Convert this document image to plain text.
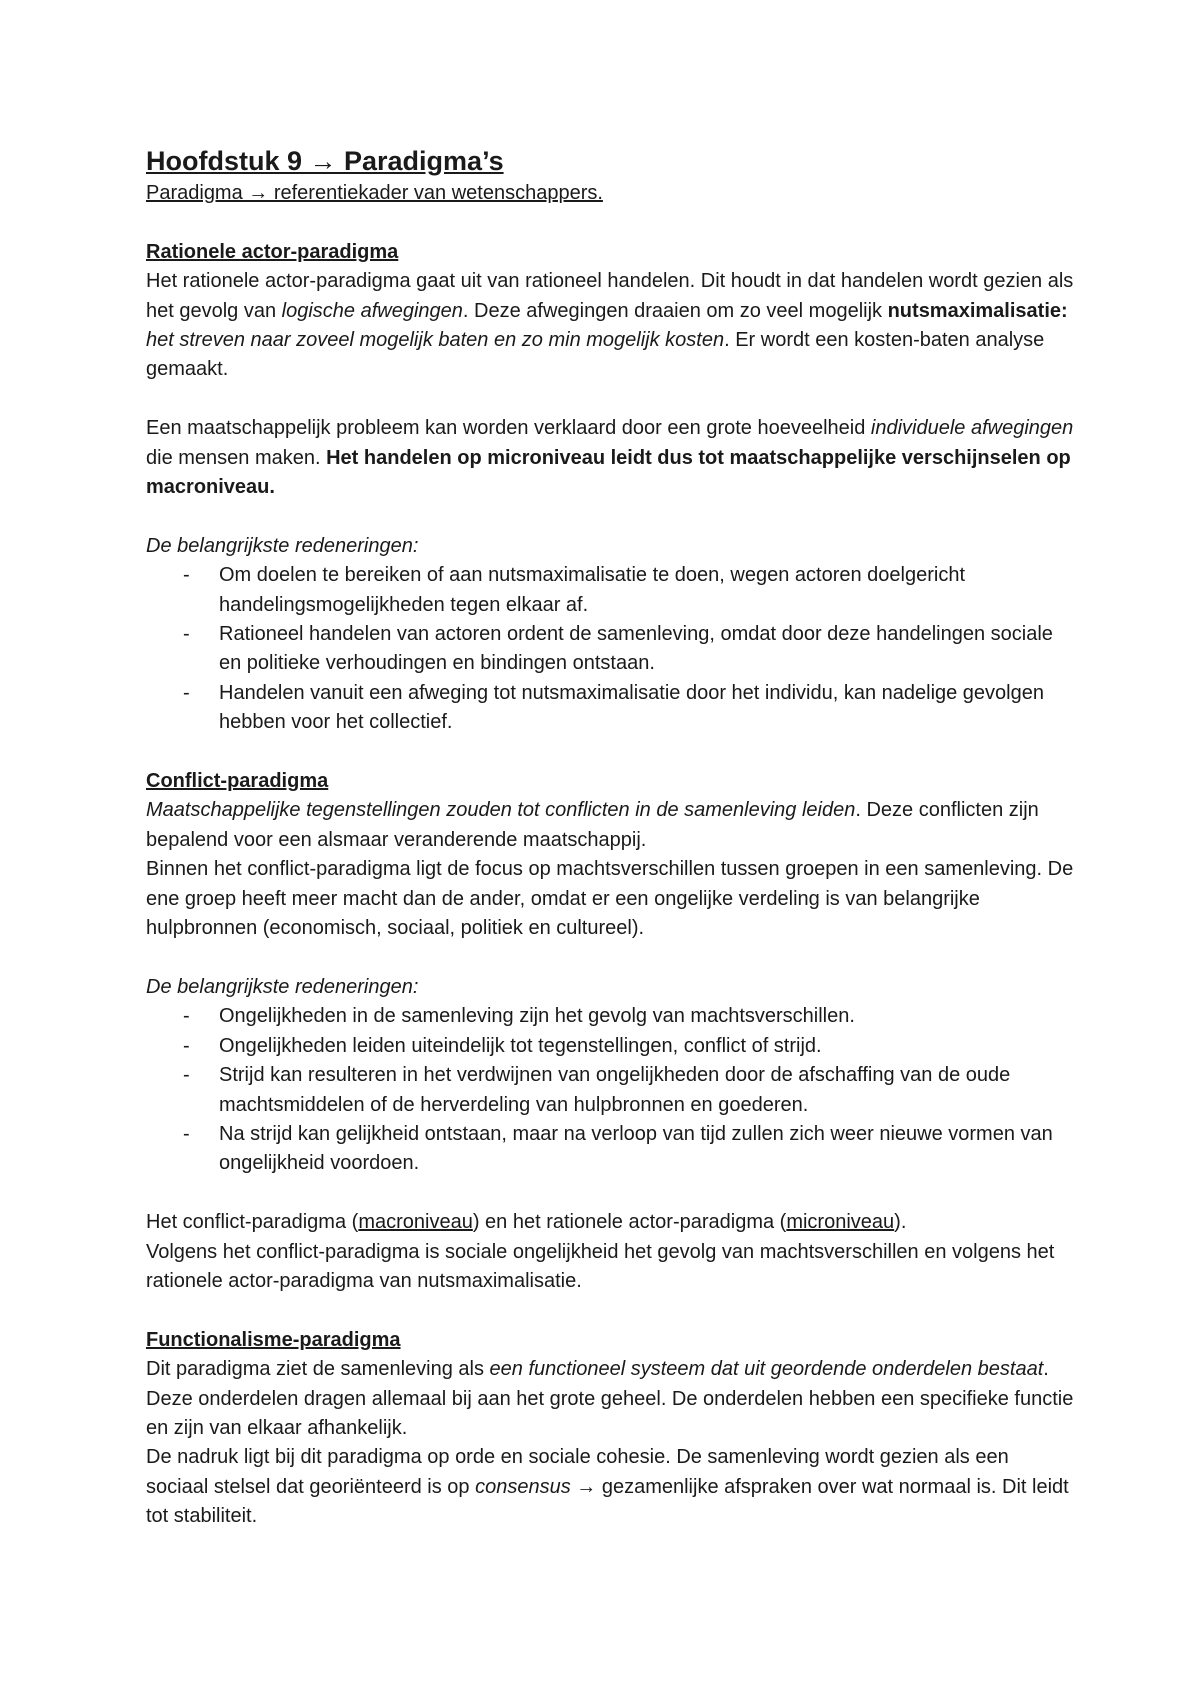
Hoofdstuk 9 → Paradigma’s

Paradigma → referentiekader van wetenschappers.

Rationele actor-paradigma

Het rationele actor-paradigma gaat uit van rationeel handelen. Dit houdt in dat handelen wordt gezien als het gevolg van logische afwegingen. Deze afwegingen draaien om zo veel mogelijk nutsmaximalisatie: het streven naar zoveel mogelijk baten en zo min mogelijk kosten. Er wordt een kosten-baten analyse gemaakt.

Een maatschappelijk probleem kan worden verklaard door een grote hoeveelheid individuele afwegingen die mensen maken. Het handelen op microniveau leidt dus tot maatschappelijke verschijnselen op macroniveau.

De belangrijkste redeneringen:

- Om doelen te bereiken of aan nutsmaximalisatie te doen, wegen actoren doelgericht handelingsmogelijkheden tegen elkaar af.
- Rationeel handelen van actoren ordent de samenleving, omdat door deze handelingen sociale en politieke verhoudingen en bindingen ontstaan.
- Handelen vanuit een afweging tot nutsmaximalisatie door het individu, kan nadelige gevolgen hebben voor het collectief.

Conflict-paradigma

Maatschappelijke tegenstellingen zouden tot conflicten in de samenleving leiden. Deze conflicten zijn bepalend voor een alsmaar veranderende maatschappij.

Binnen het conflict-paradigma ligt de focus op machtsverschillen tussen groepen in een samenleving. De ene groep heeft meer macht dan de ander, omdat er een ongelijke verdeling is van belangrijke hulpbronnen (economisch, sociaal, politiek en cultureel).

De belangrijkste redeneringen:

- Ongelijkheden in de samenleving zijn het gevolg van machtsverschillen.
- Ongelijkheden leiden uiteindelijk tot tegenstellingen, conflict of strijd.
- Strijd kan resulteren in het verdwijnen van ongelijkheden door de afschaffing van de oude machtsmiddelen of de herverdeling van hulpbronnen en goederen.
- Na strijd kan gelijkheid ontstaan, maar na verloop van tijd zullen zich weer nieuwe vormen van ongelijkheid voordoen.

Het conflict-paradigma (macroniveau) en het rationele actor-paradigma (microniveau).

Volgens het conflict-paradigma is sociale ongelijkheid het gevolg van machtsverschillen en volgens het rationele actor-paradigma van nutsmaximalisatie.

Functionalisme-paradigma

Dit paradigma ziet de samenleving als een functioneel systeem dat uit geordende onderdelen bestaat. Deze onderdelen dragen allemaal bij aan het grote geheel. De onderdelen hebben een specifieke functie en zijn van elkaar afhankelijk.

De nadruk ligt bij dit paradigma op orde en sociale cohesie. De samenleving wordt gezien als een sociaal stelsel dat georiënteerd is op consensus → gezamenlijke afspraken over wat normaal is. Dit leidt tot stabiliteit.
